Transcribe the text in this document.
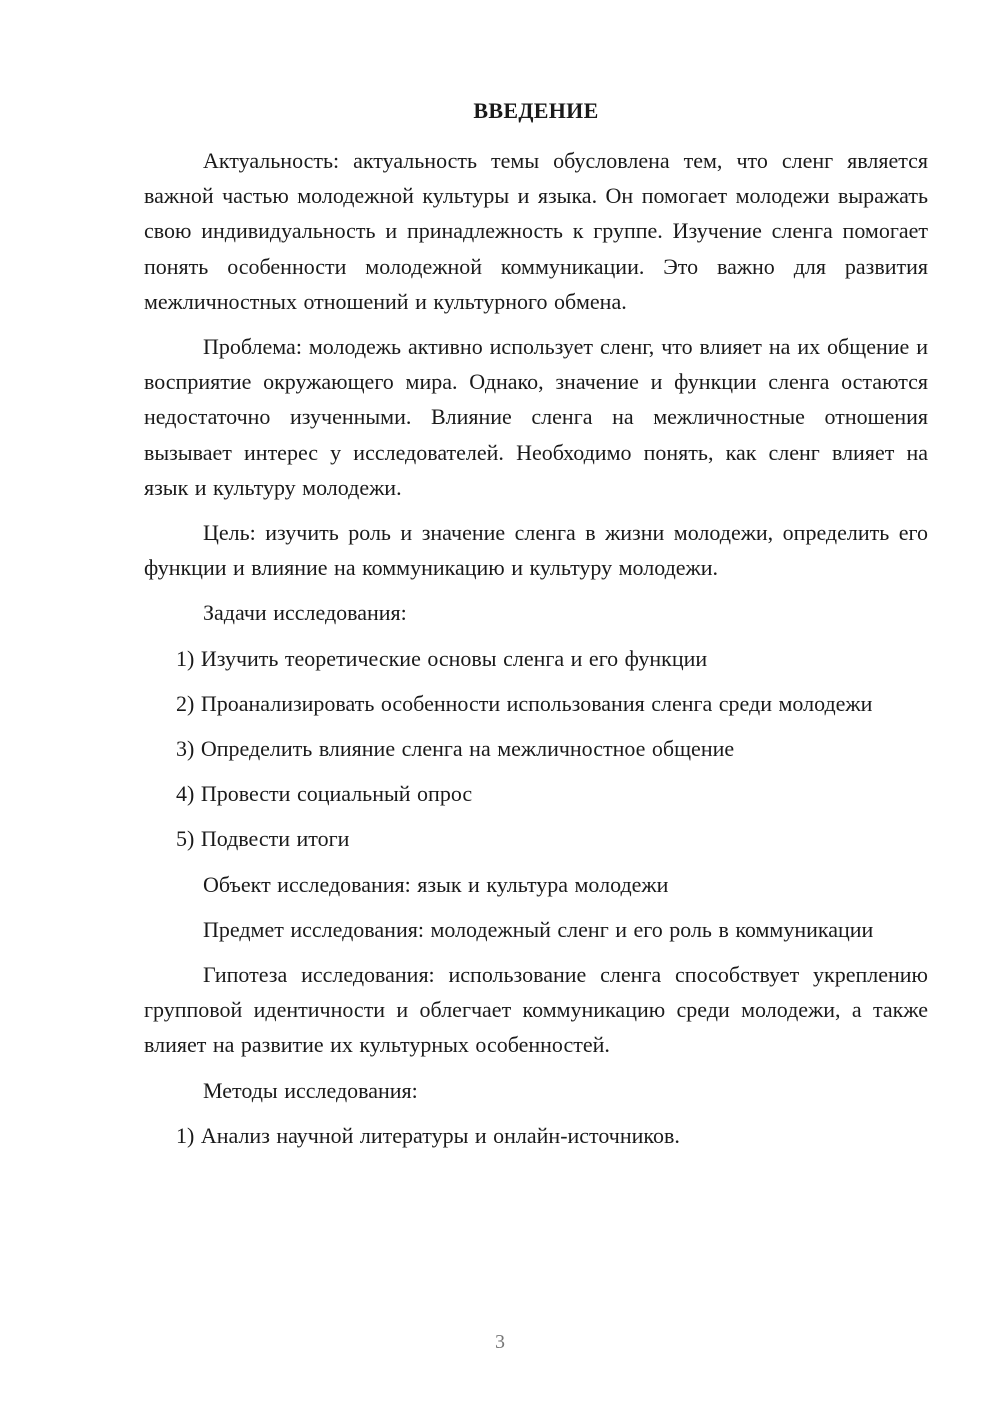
ВВЕДЕНИЕ

Актуальность: актуальность темы обусловлена тем, что сленг является важной частью молодежной культуры и языка. Он помогает молодежи выражать свою индивидуальность и принадлежность к группе. Изучение сленга помогает понять особенности молодежной коммуникации. Это важно для развития межличностных отношений и культурного обмена.

Проблема: молодежь активно использует сленг, что влияет на их общение и восприятие окружающего мира. Однако, значение и функции сленга остаются недостаточно изученными. Влияние сленга на межличностные отношения вызывает интерес у исследователей. Необходимо понять, как сленг влияет на язык и культуру молодежи.

Цель: изучить роль и значение сленга в жизни молодежи, определить его функции и влияние на коммуникацию и культуру молодежи.

Задачи исследования:

1) Изучить теоретические основы сленга и его функции

2) Проанализировать особенности использования сленга среди молодежи

3) Определить влияние сленга на межличностное общение

4) Провести социальный опрос

5) Подвести итоги

Объект исследования: язык и культура молодежи

Предмет исследования: молодежный сленг и его роль в коммуникации

Гипотеза исследования: использование сленга способствует укреплению групповой идентичности и облегчает коммуникацию среди молодежи, а также влияет на развитие их культурных особенностей.

Методы исследования:

1) Анализ научной литературы и онлайн-источников.

3
